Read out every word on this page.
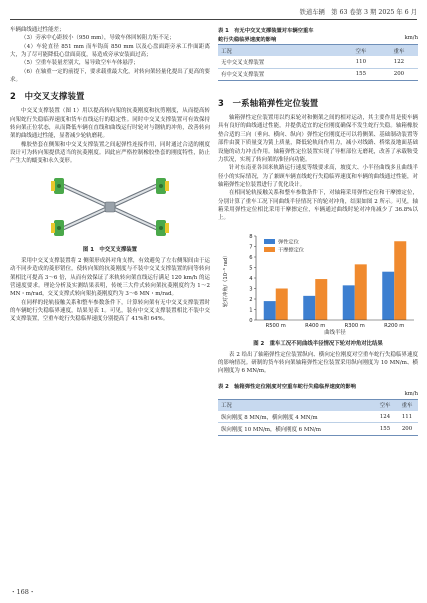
铁道车辆　第 63 卷第 3 期 2025 年 6 月

车辆曲线通过性能差；

（3）旁承中心距较小（950 mm），导致车体回转阻力矩不足；

（4）车轮直径 851 mm 而车钩高 850 mm 以及心盘面距旁承工作面距离大，为了尽可能降低心盘面高度，易造成旁承安装面过高；

（5）空重车装量差别大，易导致空车车体悬浮；

（6）在轴重一定的前提下，要求载重最大化，对转向架轻量化提出了更高的要求。

2　中交叉支撑装置

中交叉支撑装置（图 1）用以提高转向架的抗菱刚度和抗剪刚度，从而提高转向架蛇行失稳临界速度和货车直线运行的稳定性。同时中交叉支撑装置可有效保持转向架正位状态，从而降低车辆在直线和曲线运行时轮对与钢轨的冲角，改善转向架的曲线通过性能，显著减少轮轨磨耗。

橡胶垫套在侧架和中交叉支撑装置之间起弹性连接作用，同时通过合适的刚度设计可为转向架提供适当的抗菱刚度。因此应严格控制橡胶垫套的刚度特性，防止产生大的蠕变和永久变形。

图 1　中交叉支撑装置

采用中交叉支撑装置将 2 侧架形成斜对角支撑，有效避免了左右侧架间由于运动不同步造成的菱形错位，使转向架的抗菱刚度与不装中交叉支撑装置的同等转向架相比可提高 3～6 倍，从而有效保证了米轨转向架直线运行满足 120 km/h 的运营速度要求。理论分析及实测结果表明，传统三大件式转向架抗菱刚度约为 1～2 MN・m/rad，交叉支撑式转向架抗菱刚度约为 3～6 MN・m/rad。

在同样的轮轨接触关系和整车参数条件下，计算转向架有无中交叉支撑装置时的车辆蛇行失稳临界速度，结果见表 1。可见，装有中交叉支撑装置相比不装中交叉支撑装置，空重车蛇行失稳临界速度分别提高了 41%和 64%。

・168・
表 1　有无中交叉支撑装置对车辆空重车
蛇行失稳临界速度的影响	km/h
工况	空车	重车
无中交叉支撑装置	110	122
有中交叉支撑装置	155	200
3　一系轴箱弹性定位装置

轴箱弹性定位装置用以约束轮对和侧架之间的相对运动，其主要作用是使车辆具有良好的曲线通过性能，并提供适宜的定位刚度确保不发生蛇行失稳。轴箱橡胶垫合适的三向（垂向、横向、纵向）弹性定位刚度还可以将侧架、基础制动装置等部件由簧下质量变为簧上质量，降低轮轨间作用力，减小对线路、桥梁及地面基础设施的动力冲击作用。轴箱弹性定位装置实现了导框部位无磨耗，改善了承载鞍受力状况，实现了转向架的准径向功能。

针对东南亚各国米轨路运行速度等级要求高，坡度大、小半径曲线多且曲线半径小的实际情况，为了兼顾车辆直线蛇行失稳临界速度和车辆的曲线通过性能，对轴箱弹性定位装置进行了优化设计。

在相同轮轨接触关系和整车参数条件下，对轴箱采用弹性定位和干摩擦定位，分别计算了重车工况下同曲线半径情况下的轮对冲角，结果如图 2 所示。可见，轴箱采用弹性定位相比采用干摩擦定位，车辆通过曲线时轮对冲角减少了 36.8%以上。

轮对冲角/（10⁻³ rad）
0
1
2
3
4
5
6
7
8
R500 m	R400 m	R300 m	R200 m
弹性定位
干摩擦定位
曲线半径
图 2　重车工况不同曲线半径情况下轮对冲角对比结果

表 2 给出了轴箱弹性定位装置纵向、横向定位刚度对空重车蛇行失稳临界速度的影响情况。研制的货车转向架轴箱弹性定位装置采用纵向刚度为 10 MN/m、横向刚度为 6 MN/m。

表 2　轴箱弹性定位刚度对空重车蛇行失稳临界速度的影响
km/h
工况	空车	重车
纵向刚度 8 MN/m，横向刚度 4 MN/m	124	111
纵向刚度 10 MN/m，横向刚度 6 MN/m	155	200
